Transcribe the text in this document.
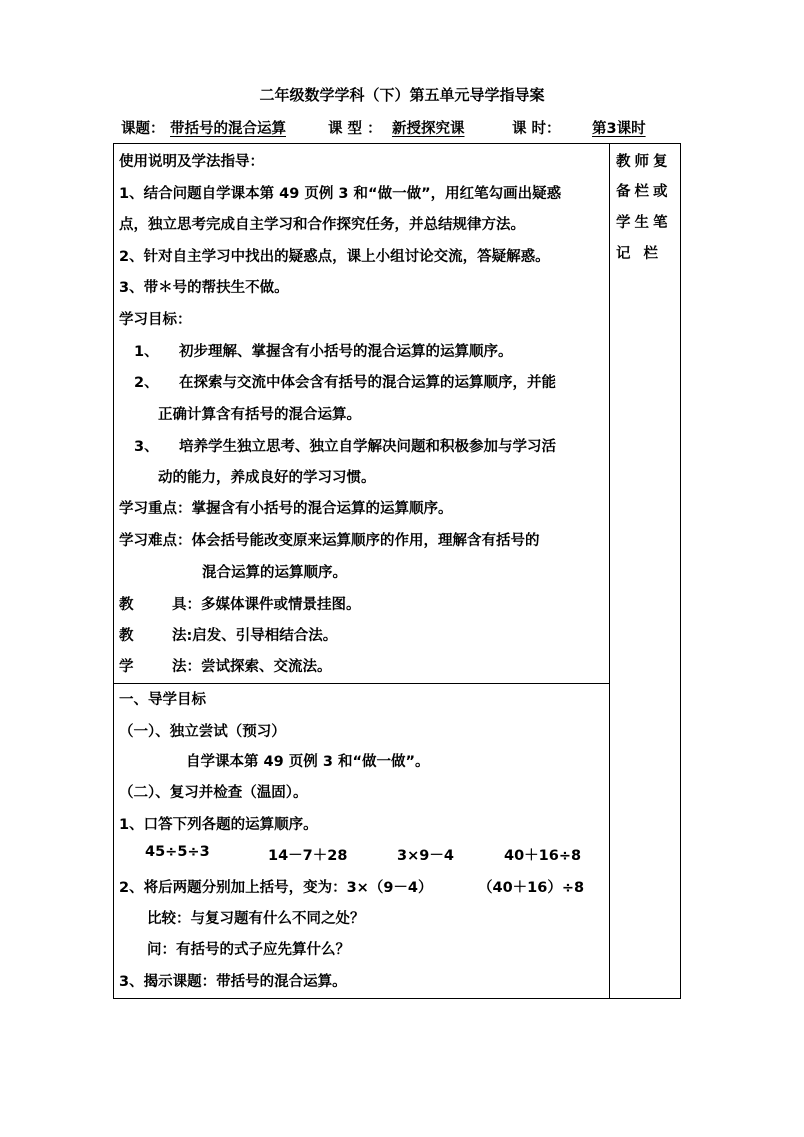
二年级数学学科（下）第五单元导学指导案
课题： 带括号的混合运算	课 型 ： 新授探究课	课 时：	第3课时
教师复
备栏或
学生笔
记 栏
使用说明及学法指导：
1、结合问题自学课本第 49 页例 3 和“做一做”，用红笔勾画出疑惑
点，独立思考完成自主学习和合作探究任务，并总结规律方法。
2、针对自主学习中找出的疑惑点，课上小组讨论交流，答疑解惑。
3、带＊号的帮扶生不做。
学习目标：
1、 初步理解、掌握含有小括号的混合运算的运算顺序。
2、 在探索与交流中体会含有括号的混合运算的运算顺序，并能
正确计算含有括号的混合运算。
3、 培养学生独立思考、独立自学解决问题和积极参加与学习活
动的能力，养成良好的学习习惯。
学习重点：掌握含有小括号的混合运算的运算顺序。
学习难点：体会括号能改变原来运算顺序的作用，理解含有括号的
混合运算的运算顺序。
教	具：多媒体课件或情景挂图。
教	法:启发、引导相结合法。
学	法：尝试探索、交流法。
一、导学目标
（一）、独立尝试（预习）
自学课本第 49 页例 3 和“做一做”。
（二）、复习并检查（温固）。
1、口答下列各题的运算顺序。
45÷5÷3	14－7＋28	3×9－4	40＋16÷8
2、将后两题分别加上括号，变为：3×（9－4）	（40＋16）÷8
比较：与复习题有什么不同之处？
问：有括号的式子应先算什么？
3、揭示课题：带括号的混合运算。
